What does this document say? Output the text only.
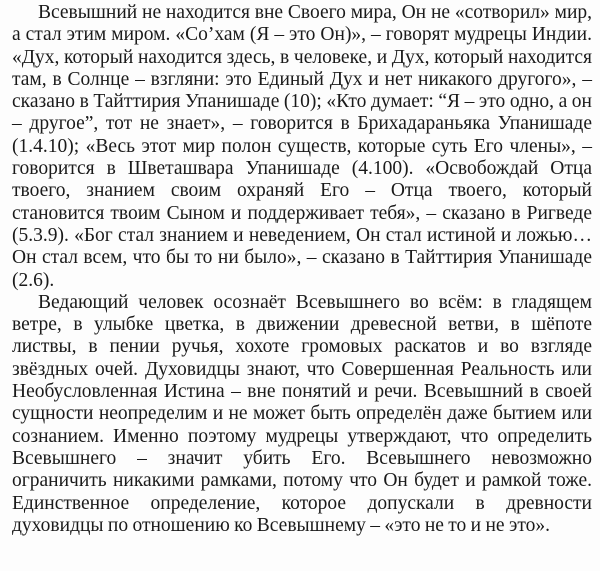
Всевышний не находится вне Своего мира, Он не «сотворил» мир, а стал этим миром. «Со’хам (Я – это Он)», – говорят мудрецы Индии. «Дух, который находится здесь, в человеке, и Дух, который находится там, в Солнце – взгляни: это Единый Дух и нет никакого другого», – сказано в Тайттирия Упанишаде (10); «Кто думает: “Я – это одно, а он – другое”, тот не знает», – говорится в Брихадараньяка Упанишаде (1.4.10); «Весь этот мир полон существ, которые суть Его члены», – говорится в Шветашвара Упанишаде (4.100). «Освобождай Отца твоего, знанием своим охраняй Его – Отца твоего, который становится твоим Сыном и поддерживает тебя», – сказано в Ригведе (5.3.9). «Бог стал знанием и неведением, Он стал истиной и ложью… Он стал всем, что бы то ни было», – сказано в Тайттирия Упанишаде (2.6).

Ведающий человек осознаёт Всевышнего во всём: в гладящем ветре, в улыбке цветка, в движении древесной ветви, в шёпоте листвы, в пении ручья, хохоте громовых раскатов и во взгляде звёздных очей. Духовидцы знают, что Совершенная Реальность или Необусловленная Истина – вне понятий и речи. Всевышний в своей сущности неопределим и не может быть определён даже бытием или сознанием. Именно поэтому мудрецы утверждают, что определить Всевышнего – значит убить Его. Всевышнего невозможно ограничить никакими рамками, потому что Он будет и рамкой тоже. Единственное определение, которое допускали в древности духовидцы по отношению ко Всевышнему – «это не то и не это».
